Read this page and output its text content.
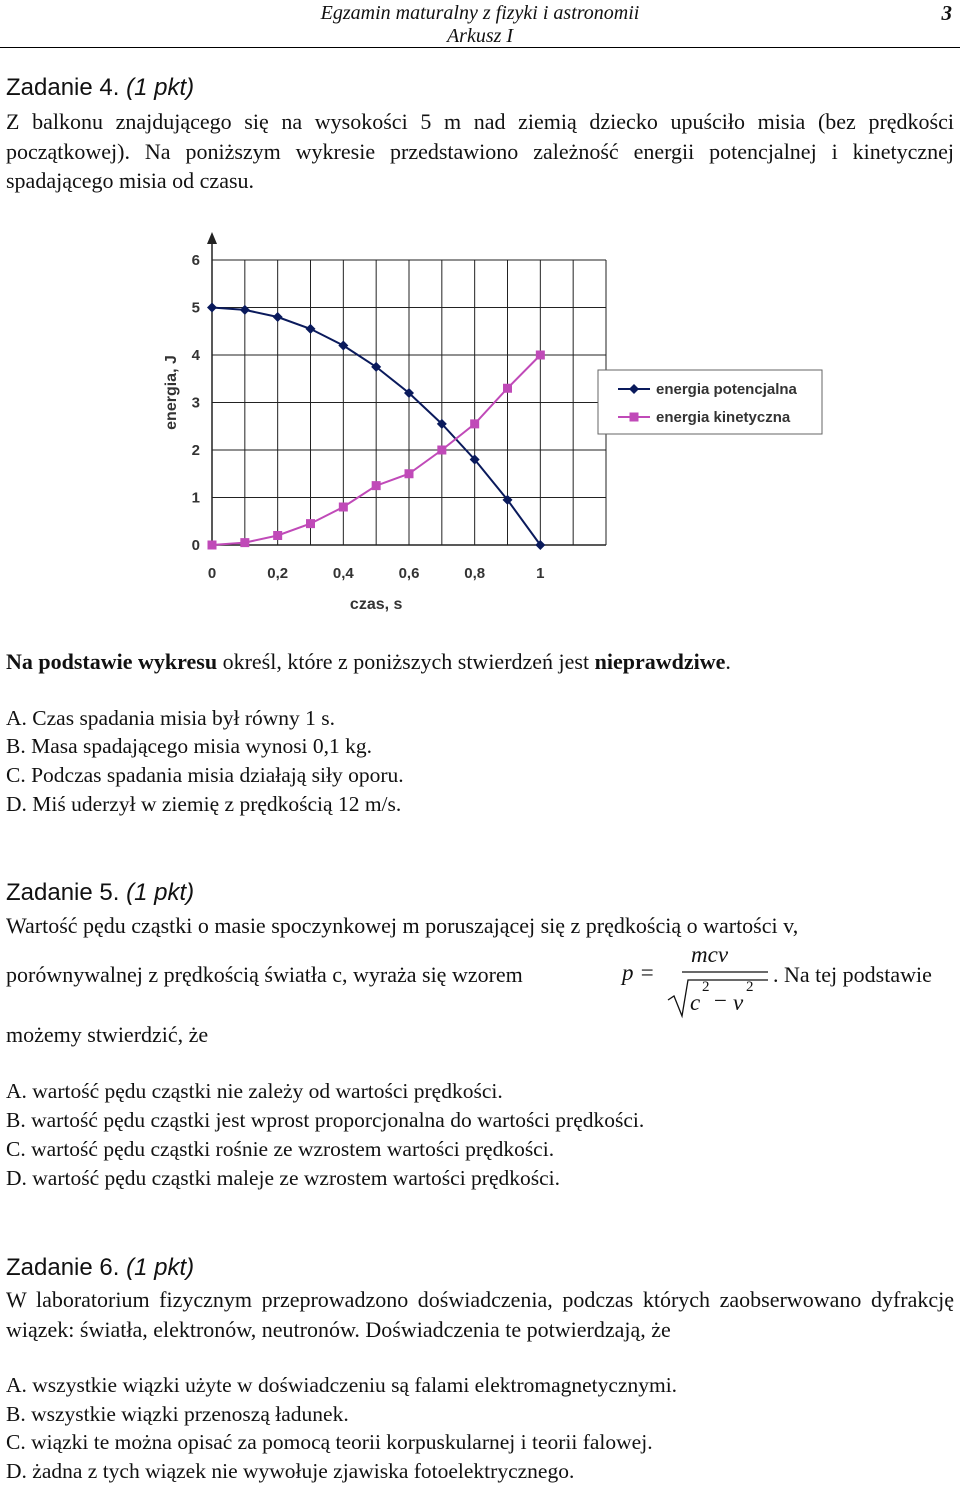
Egzamin maturalny z fizyki i astronomii
Arkusz I
3
Zadanie 4. (1 pkt)
Z balkonu znajdującego się na wysokości 5 m nad ziemią dziecko upuściło misia (bez prędkości początkowej). Na poniższym wykresie przedstawiono zależność energii potencjalnej i kinetycznej spadającego misia od czasu.
0
1
2
3
4
5
6
0	0,2	0,4	0,6	0,8	1
czas, s
energia, J	energia potencjalna
energia kinetyczna
Na podstawie wykresu określ, które z poniższych stwierdzeń jest nieprawdziwe.
A. Czas spadania misia był równy 1 s.
B. Masa spadającego misia wynosi 0,1 kg.
C. Podczas spadania misia działają siły oporu.
D. Miś uderzył w ziemię z prędkością 12 m/s.
Zadanie 5. (1 pkt)
Wartość pędu cząstki o masie spoczynkowej m poruszającej się z prędkością o wartości v,
porównywalnej z prędkością światła c, wyraża się wzorem	p =
mcv
c
2
− v
2 . Na tej podstawie
możemy stwierdzić, że
A. wartość pędu cząstki nie zależy od wartości prędkości.
B. wartość pędu cząstki jest wprost proporcjonalna do wartości prędkości.
C. wartość pędu cząstki rośnie ze wzrostem wartości prędkości.
D. wartość pędu cząstki maleje ze wzrostem wartości prędkości.
Zadanie 6. (1 pkt)
W laboratorium fizycznym przeprowadzono doświadczenia, podczas których zaobserwowano dyfrakcję wiązek: światła, elektronów, neutronów. Doświadczenia te potwierdzają, że
A. wszystkie wiązki użyte w doświadczeniu są falami elektromagnetycznymi.
B. wszystkie wiązki przenoszą ładunek.
C. wiązki te można opisać za pomocą teorii korpuskularnej i teorii falowej.
D. żadna z tych wiązek nie wywołuje zjawiska fotoelektrycznego.
